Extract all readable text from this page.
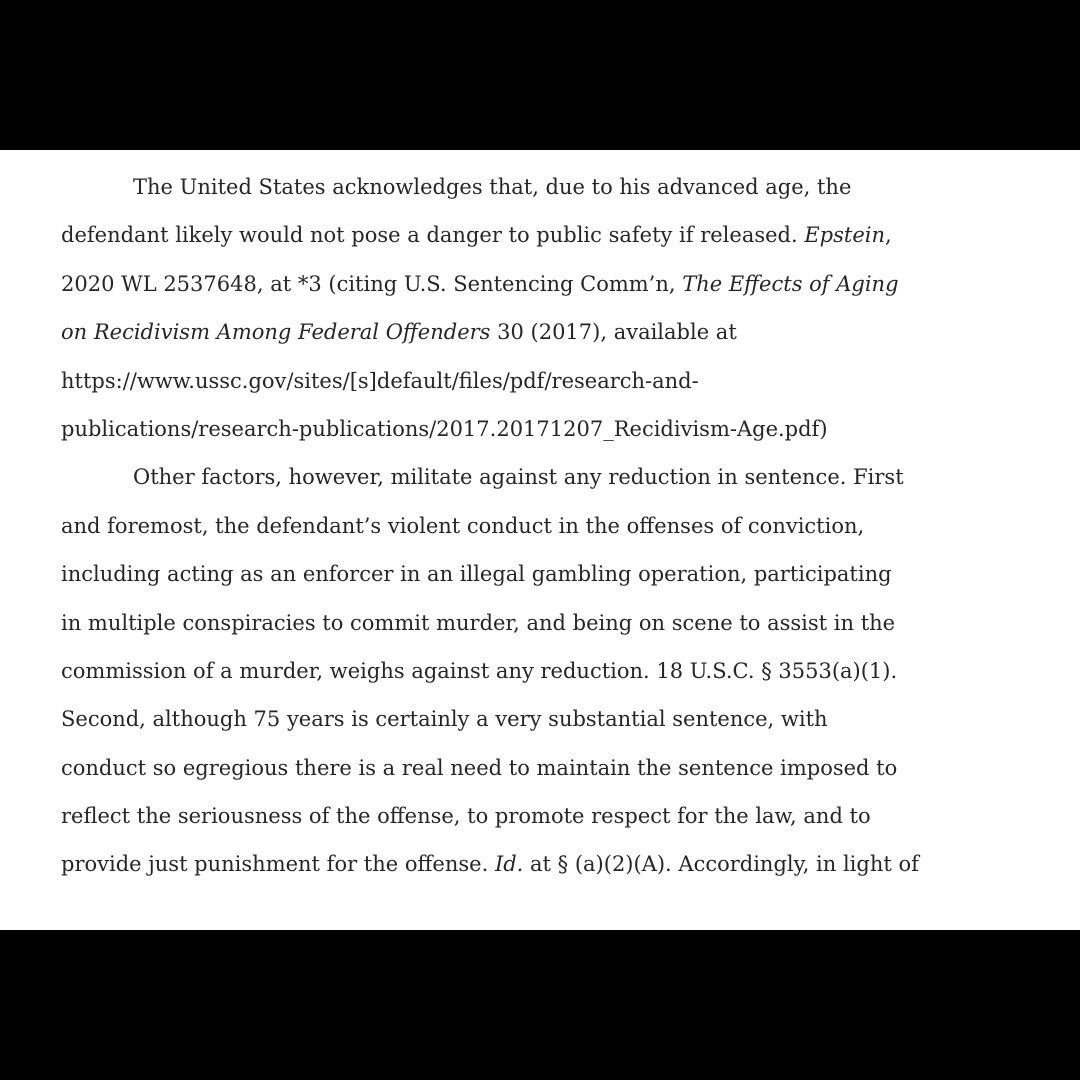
The United States acknowledges that, due to his advanced age, the
defendant likely would not pose a danger to public safety if released. Epstein,
2020 WL 2537648, at *3 (citing U.S. Sentencing Comm’n, The Effects of Aging
on Recidivism Among Federal Offenders 30 (2017), available at
https://www.ussc.gov/sites/[s]default/files/pdf/research-and-
publications/research-publications/2017.20171207_Recidivism-Age.pdf)
Other factors, however, militate against any reduction in sentence. First
and foremost, the defendant’s violent conduct in the offenses of conviction,
including acting as an enforcer in an illegal gambling operation, participating
in multiple conspiracies to commit murder, and being on scene to assist in the
commission of a murder, weighs against any reduction. 18 U.S.C. § 3553(a)(1).
Second, although 75 years is certainly a very substantial sentence, with
conduct so egregious there is a real need to maintain the sentence imposed to
reflect the seriousness of the offense, to promote respect for the law, and to
provide just punishment for the offense. Id. at § (a)(2)(A). Accordingly, in light of
